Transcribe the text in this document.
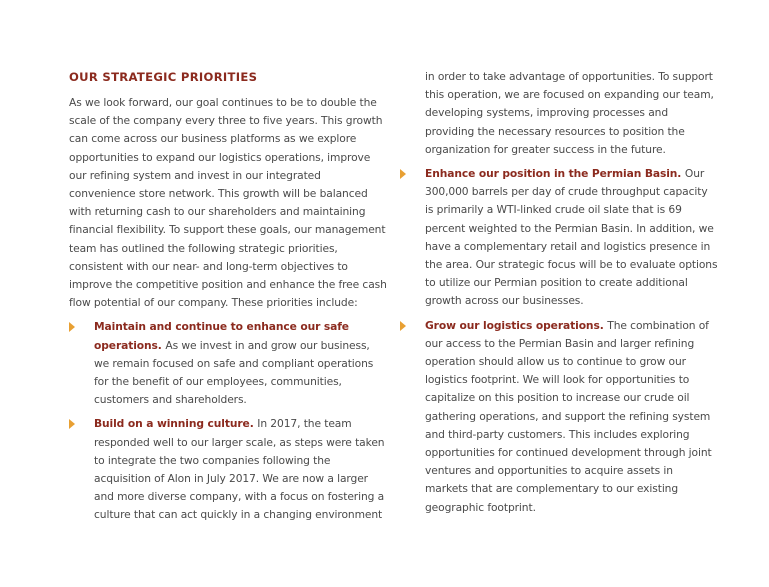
OUR STRATEGIC PRIORITIES

As we look forward, our goal continues to be to double the scale of the company every three to five years. This growth can come across our business platforms as we explore opportunities to expand our logistics operations, improve our refining system and invest in our integrated convenience store network. This growth will be balanced with returning cash to our shareholders and maintaining financial flexibility. To support these goals, our management team has outlined the following strategic priorities, consistent with our near- and long-term objectives to improve the competitive position and enhance the free cash flow potential of our company. These priorities include:

Maintain and continue to enhance our safe operations. As we invest in and grow our business, we remain focused on safe and compliant operations for the benefit of our employees, communities, customers and shareholders.
Build on a winning culture. In 2017, the team responded well to our larger scale, as steps were taken to integrate the two companies following the acquisition of Alon in July 2017. We are now a larger and more diverse company, with a focus on fostering a culture that can act quickly in a changing environment

in order to take advantage of opportunities. To support this operation, we are focused on expanding our team, developing systems, improving processes and providing the necessary resources to position the organization for greater success in the future.

Enhance our position in the Permian Basin. Our 300,000 barrels per day of crude throughput capacity is primarily a WTI-linked crude oil slate that is 69 percent weighted to the Permian Basin. In addition, we have a complementary retail and logistics presence in the area. Our strategic focus will be to evaluate options to utilize our Permian position to create additional growth across our businesses.
Grow our logistics operations. The combination of our access to the Permian Basin and larger refining operation should allow us to continue to grow our logistics footprint. We will look for opportunities to capitalize on this position to increase our crude oil gathering operations, and support the refining system and third-party customers. This includes exploring opportunities for continued development through joint ventures and opportunities to acquire assets in markets that are complementary to our existing geographic footprint.
